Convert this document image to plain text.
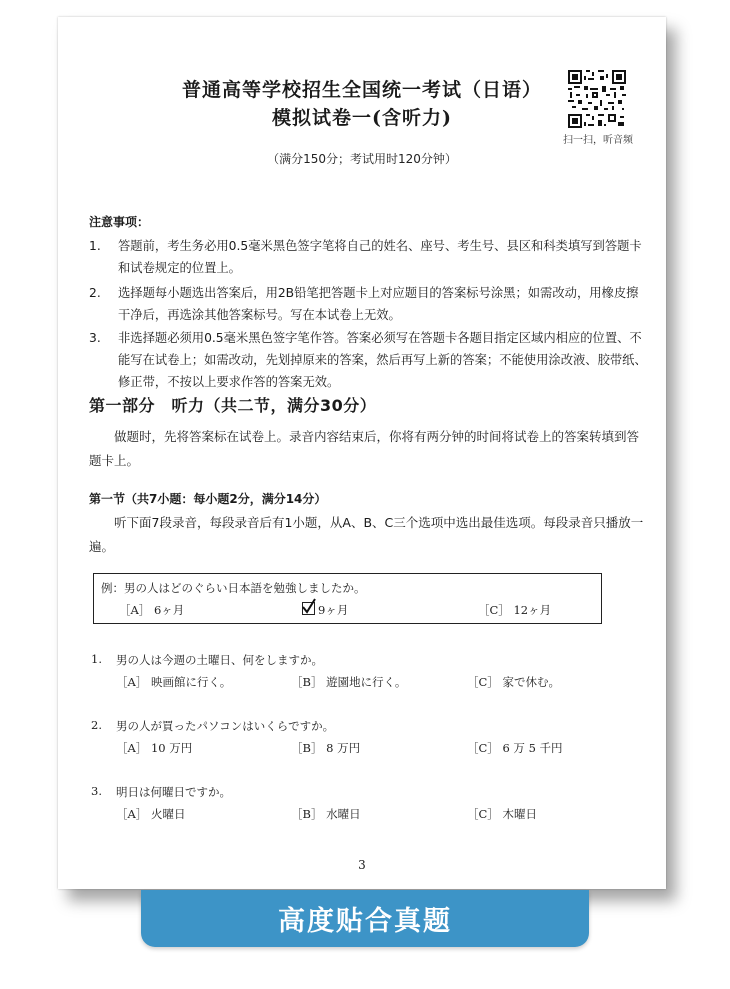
普通高等学校招生全国统一考试（日语）
模拟试卷一(含听力)
扫一扫，听音频
（满分150分；考试用时120分钟）
注意事项：
1. 答题前，考生务必用0.5毫米黑色签字笔将自己的姓名、座号、考生号、县区和科类填写到答题卡和试卷规定的位置上。
2. 选择题每小题选出答案后，用2B铅笔把答题卡上对应题目的答案标号涂黑；如需改动，用橡皮擦干净后，再选涂其他答案标号。写在本试卷上无效。
3. 非选择题必须用0.5毫米黑色签字笔作答。答案必须写在答题卡各题目指定区域内相应的位置、不能写在试卷上；如需改动，先划掉原来的答案，然后再写上新的答案；不能使用涂改液、胶带纸、修正带，不按以上要求作答的答案无效。
第一部分　听力（共二节，满分30分）
做题时，先将答案标在试卷上。录音内容结束后，你将有两分钟的时间将试卷上的答案转填到答题卡上。
第一节（共7小题：每小题2分，满分14分）
听下面7段录音，每段录音后有1小题，从A、B、C三个选项中选出最佳选项。每段录音只播放一遍。
例：男の人はどのぐらい日本語を勉強しましたか。
［A］ 6ヶ月	9ヶ月	［C］ 12ヶ月
1. 男の人は今週の土曜日、何をしますか。
［A］ 映画館に行く。	［B］ 遊園地に行く。	［C］ 家で休む。
2. 男の人が買ったパソコンはいくらですか。
［A］ 10 万円	［B］ 8 万円	［C］ 6 万 5 千円
3. 明日は何曜日ですか。
［A］ 火曜日	［B］ 水曜日	［C］ 木曜日
3
高度贴合真题
